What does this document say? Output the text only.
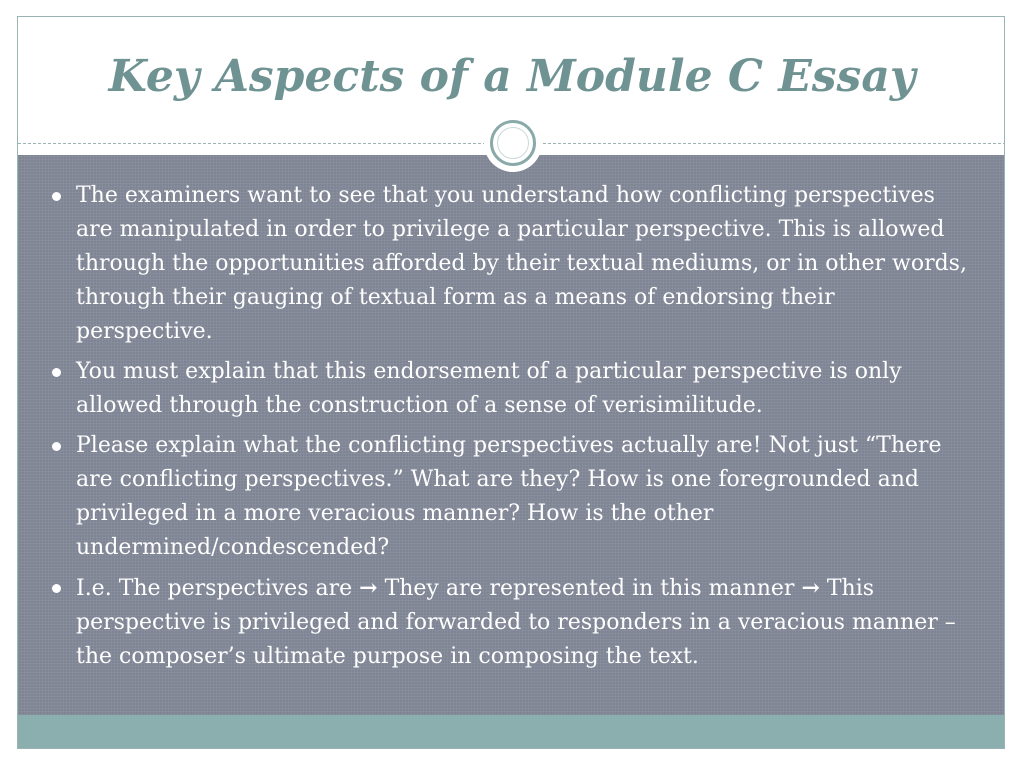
Key Aspects of a Module C Essay
The examiners want to see that you understand how conflicting perspectives are manipulated in order to privilege a particular perspective. This is allowed through the opportunities afforded by their textual mediums, or in other words, through their gauging of textual form as a means of endorsing their perspective.
You must explain that this endorsement of a particular perspective is only allowed through the construction of a sense of verisimilitude.
Please explain what the conflicting perspectives actually are! Not just “There are conflicting perspectives.” What are they? How is one foregrounded and privileged in a more veracious manner? How is the other undermined/condescended?
I.e. The perspectives are → They are represented in this manner → This perspective is privileged and forwarded to responders in a veracious manner – the composer’s ultimate purpose in composing the text.
